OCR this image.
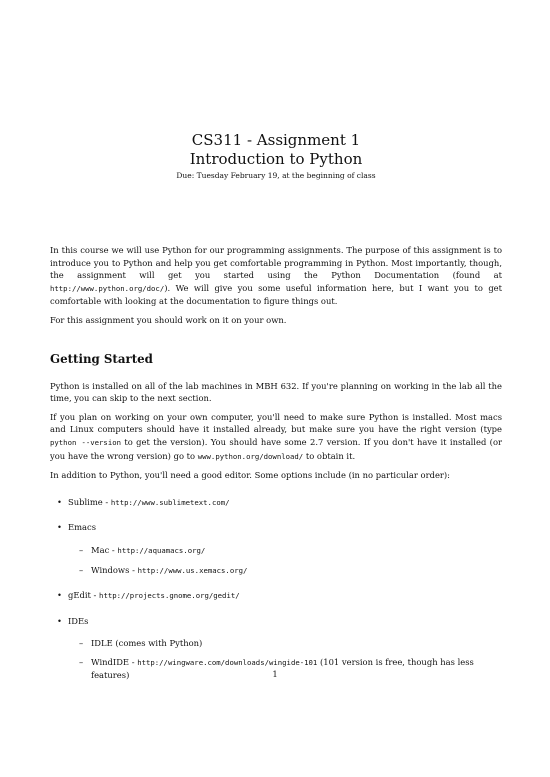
CS311 - Assignment 1
Introduction to Python
Due: Tuesday February 19, at the beginning of class

In this course we will use Python for our programming assignments. The purpose of this assignment is to introduce you to Python and help you get comfortable programming in Python. Most importantly, though, the assignment will get you started using the Python Documentation (found at http://www.python.org/doc/). We will give you some useful information here, but I want you to get comfortable with looking at the documentation to figure things out.

For this assignment you should work on it on your own.

Getting Started

Python is installed on all of the lab machines in MBH 632. If you're planning on working in the lab all the time, you can skip to the next section.

If you plan on working on your own computer, you'll need to make sure Python is installed. Most macs and Linux computers should have it installed already, but make sure you have the right version (type python --version to get the version). You should have some 2.7 version. If you don't have it installed (or you have the wrong version) go to www.python.org/download/ to obtain it.

In addition to Python, you'll need a good editor. Some options include (in no particular order):

• Sublime - http://www.sublimetext.com/
• Emacs
– Mac - http://aquamacs.org/
– Windows - http://www.us.xemacs.org/
• gEdit - http://projects.gnome.org/gedit/
• IDEs
– IDLE (comes with Python)
– WindIDE - http://wingware.com/downloads/wingide-101 (101 version is free, though has less features)	1
